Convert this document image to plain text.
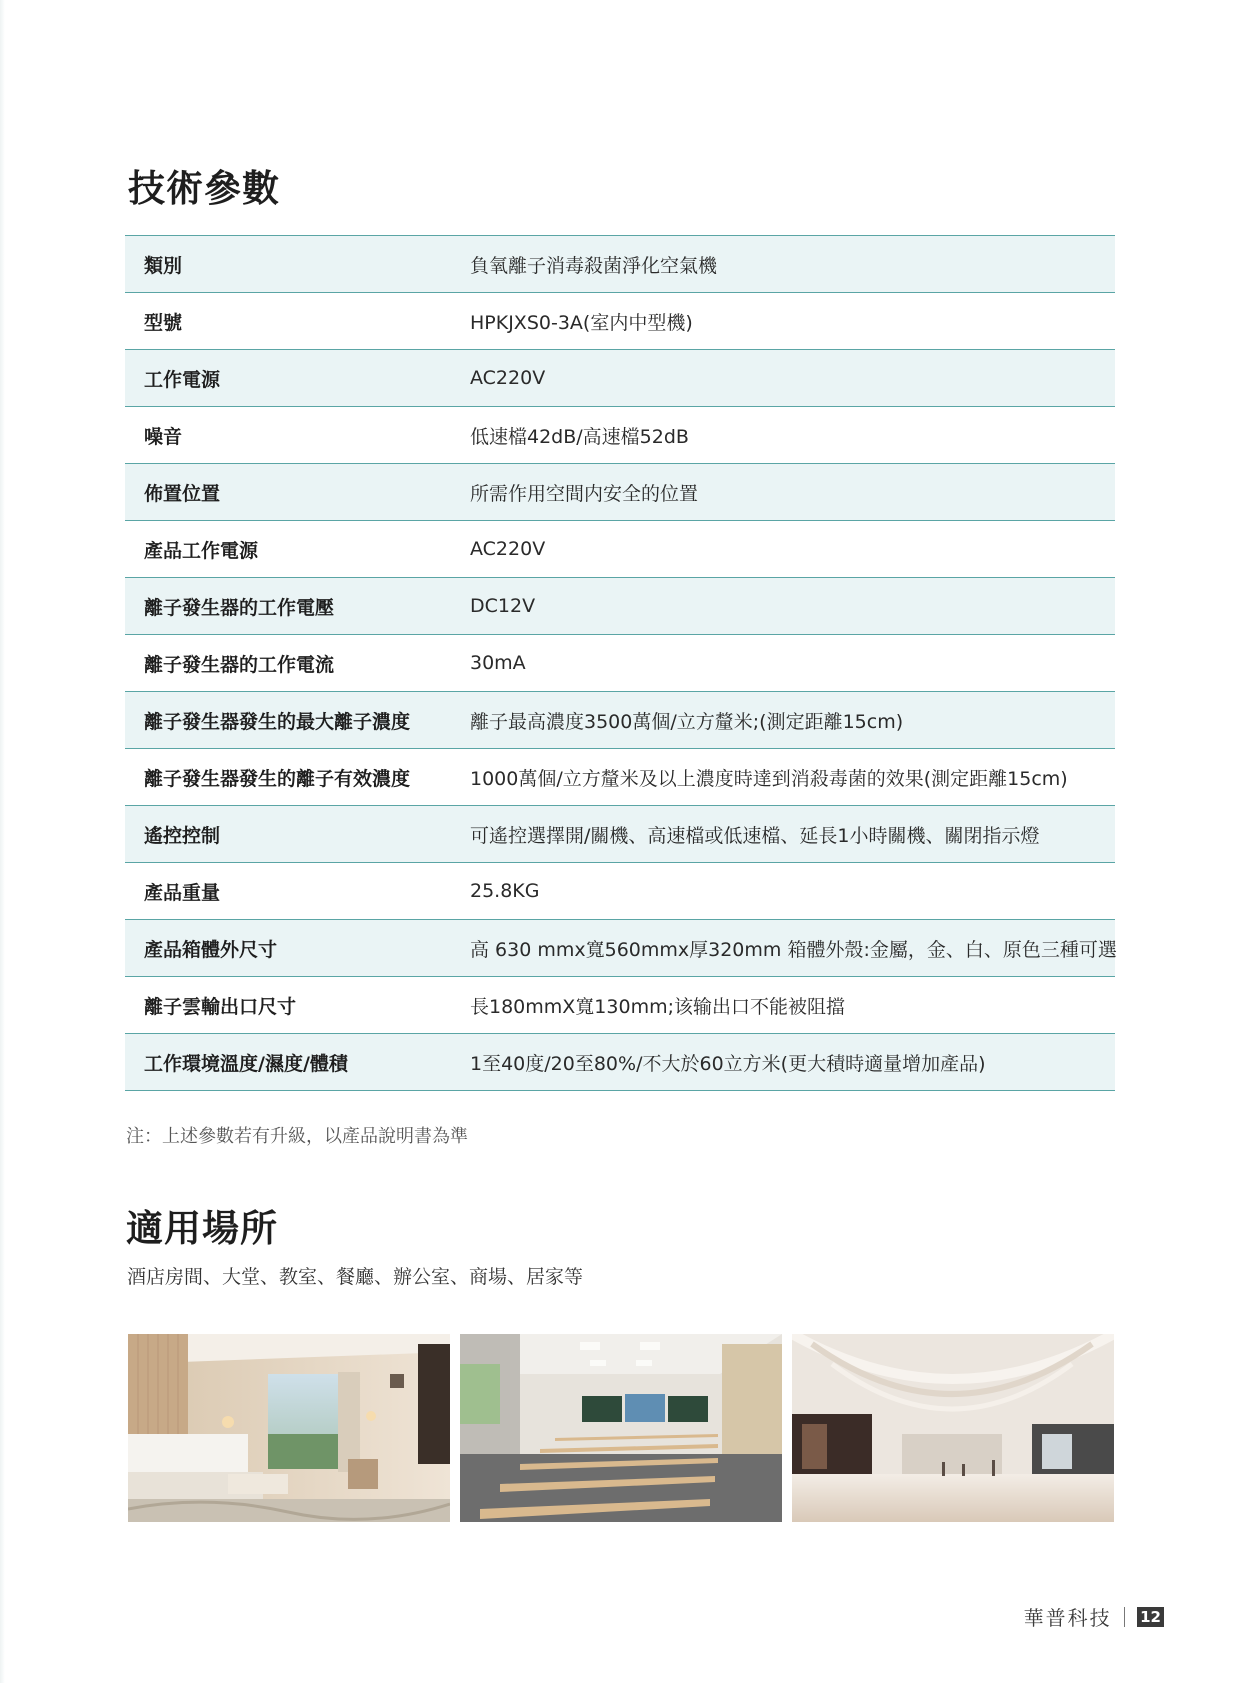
技術參數
類別	負氧離子消毒殺菌淨化空氣機
型號	HPKJXS0-3A(室内中型機)
工作電源	AC220V
噪音	低速檔42dB/高速檔52dB
佈置位置	所需作用空間内安全的位置
產品工作電源	AC220V
離子發生器的工作電壓	DC12V
離子發生器的工作電流	30mA
離子發生器發生的最大離子濃度	離子最高濃度3500萬個/立方釐米;(測定距離15cm)
離子發生器發生的離子有效濃度	1000萬個/立方釐米及以上濃度時達到消殺毒菌的效果(測定距離15cm)
遙控控制	可遙控選擇開/關機、高速檔或低速檔、延長1小時關機、關閉指示燈
產品重量	25.8KG
產品箱體外尺寸	高 630 mmx寬560mmx厚320mm 箱體外殼:金屬，金、白、原色三種可選
離子雲輸出口尺寸	長180mmX寬130mm;该输出口不能被阻擋
工作環境溫度/濕度/體積	1至40度/20至80%/不大於60立方米(更大積時適量增加產品)
注：上述參數若有升級，以產品說明書為準
適用場所
酒店房間、大堂、教室、餐廳、辦公室、商場、居家等
華普科技 12
